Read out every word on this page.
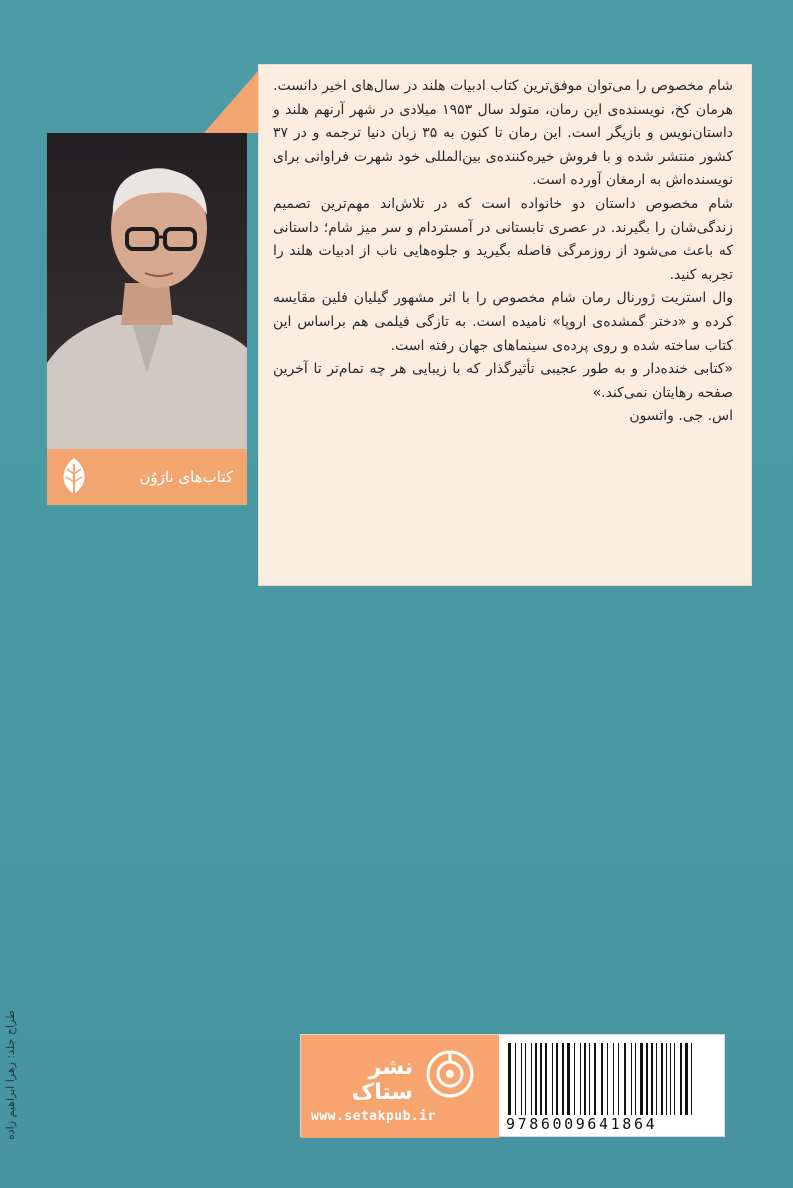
کتاب‌های نارَوُن

شام مخصوص را می‌توان موفق‌ترین کتاب ادبیات هلند در سال‌های اخیر دانست. هرمان کخ، نویسنده‌ی این رمان، متولد سال ۱۹۵۳ میلادی در شهر آرنهم هلند و داستان‌نویس و بازیگر است. این رمان تا کنون به ۳۵ زبان دنیا ترجمه و در ۳۷ کشور منتشر شده و با فروش خیره‌کننده‌ی بین‌المللی خود شهرت فراوانی برای نویسنده‌اش به ارمغان آورده است.

شام مخصوص داستان دو خانواده است که در تلاش‌اند مهم‌ترین تصمیم زندگی‌شان را بگیرند. در عصری تابستانی در آمستردام و سر میز شام؛ داستانی که باعث می‌شود از روزمرگی فاصله بگیرید و جلوه‌هایی ناب از ادبیات هلند را تجربه کنید.

وال استریت ژورنال رمان شام مخصوص را با اثر مشهور گیلیان فلین مقایسه کرده و «دختر گمشده‌ی اروپا» نامیده است. به تازگی فیلمی هم براساس این کتاب ساخته شده و روی پرده‌ی سینماهای جهان رفته است.

«کتابی خنده‌دار و به طور عجیبی تأثیرگذار که با زیبایی هر چه تمام‌تر تا آخرین صفحه رهایتان نمی‌کند.»

اس. جی. واتسون

طراح جلد: زهرا ابراهیم زاده	نشر ستاک
www.setakpub.ir	9786009641864
